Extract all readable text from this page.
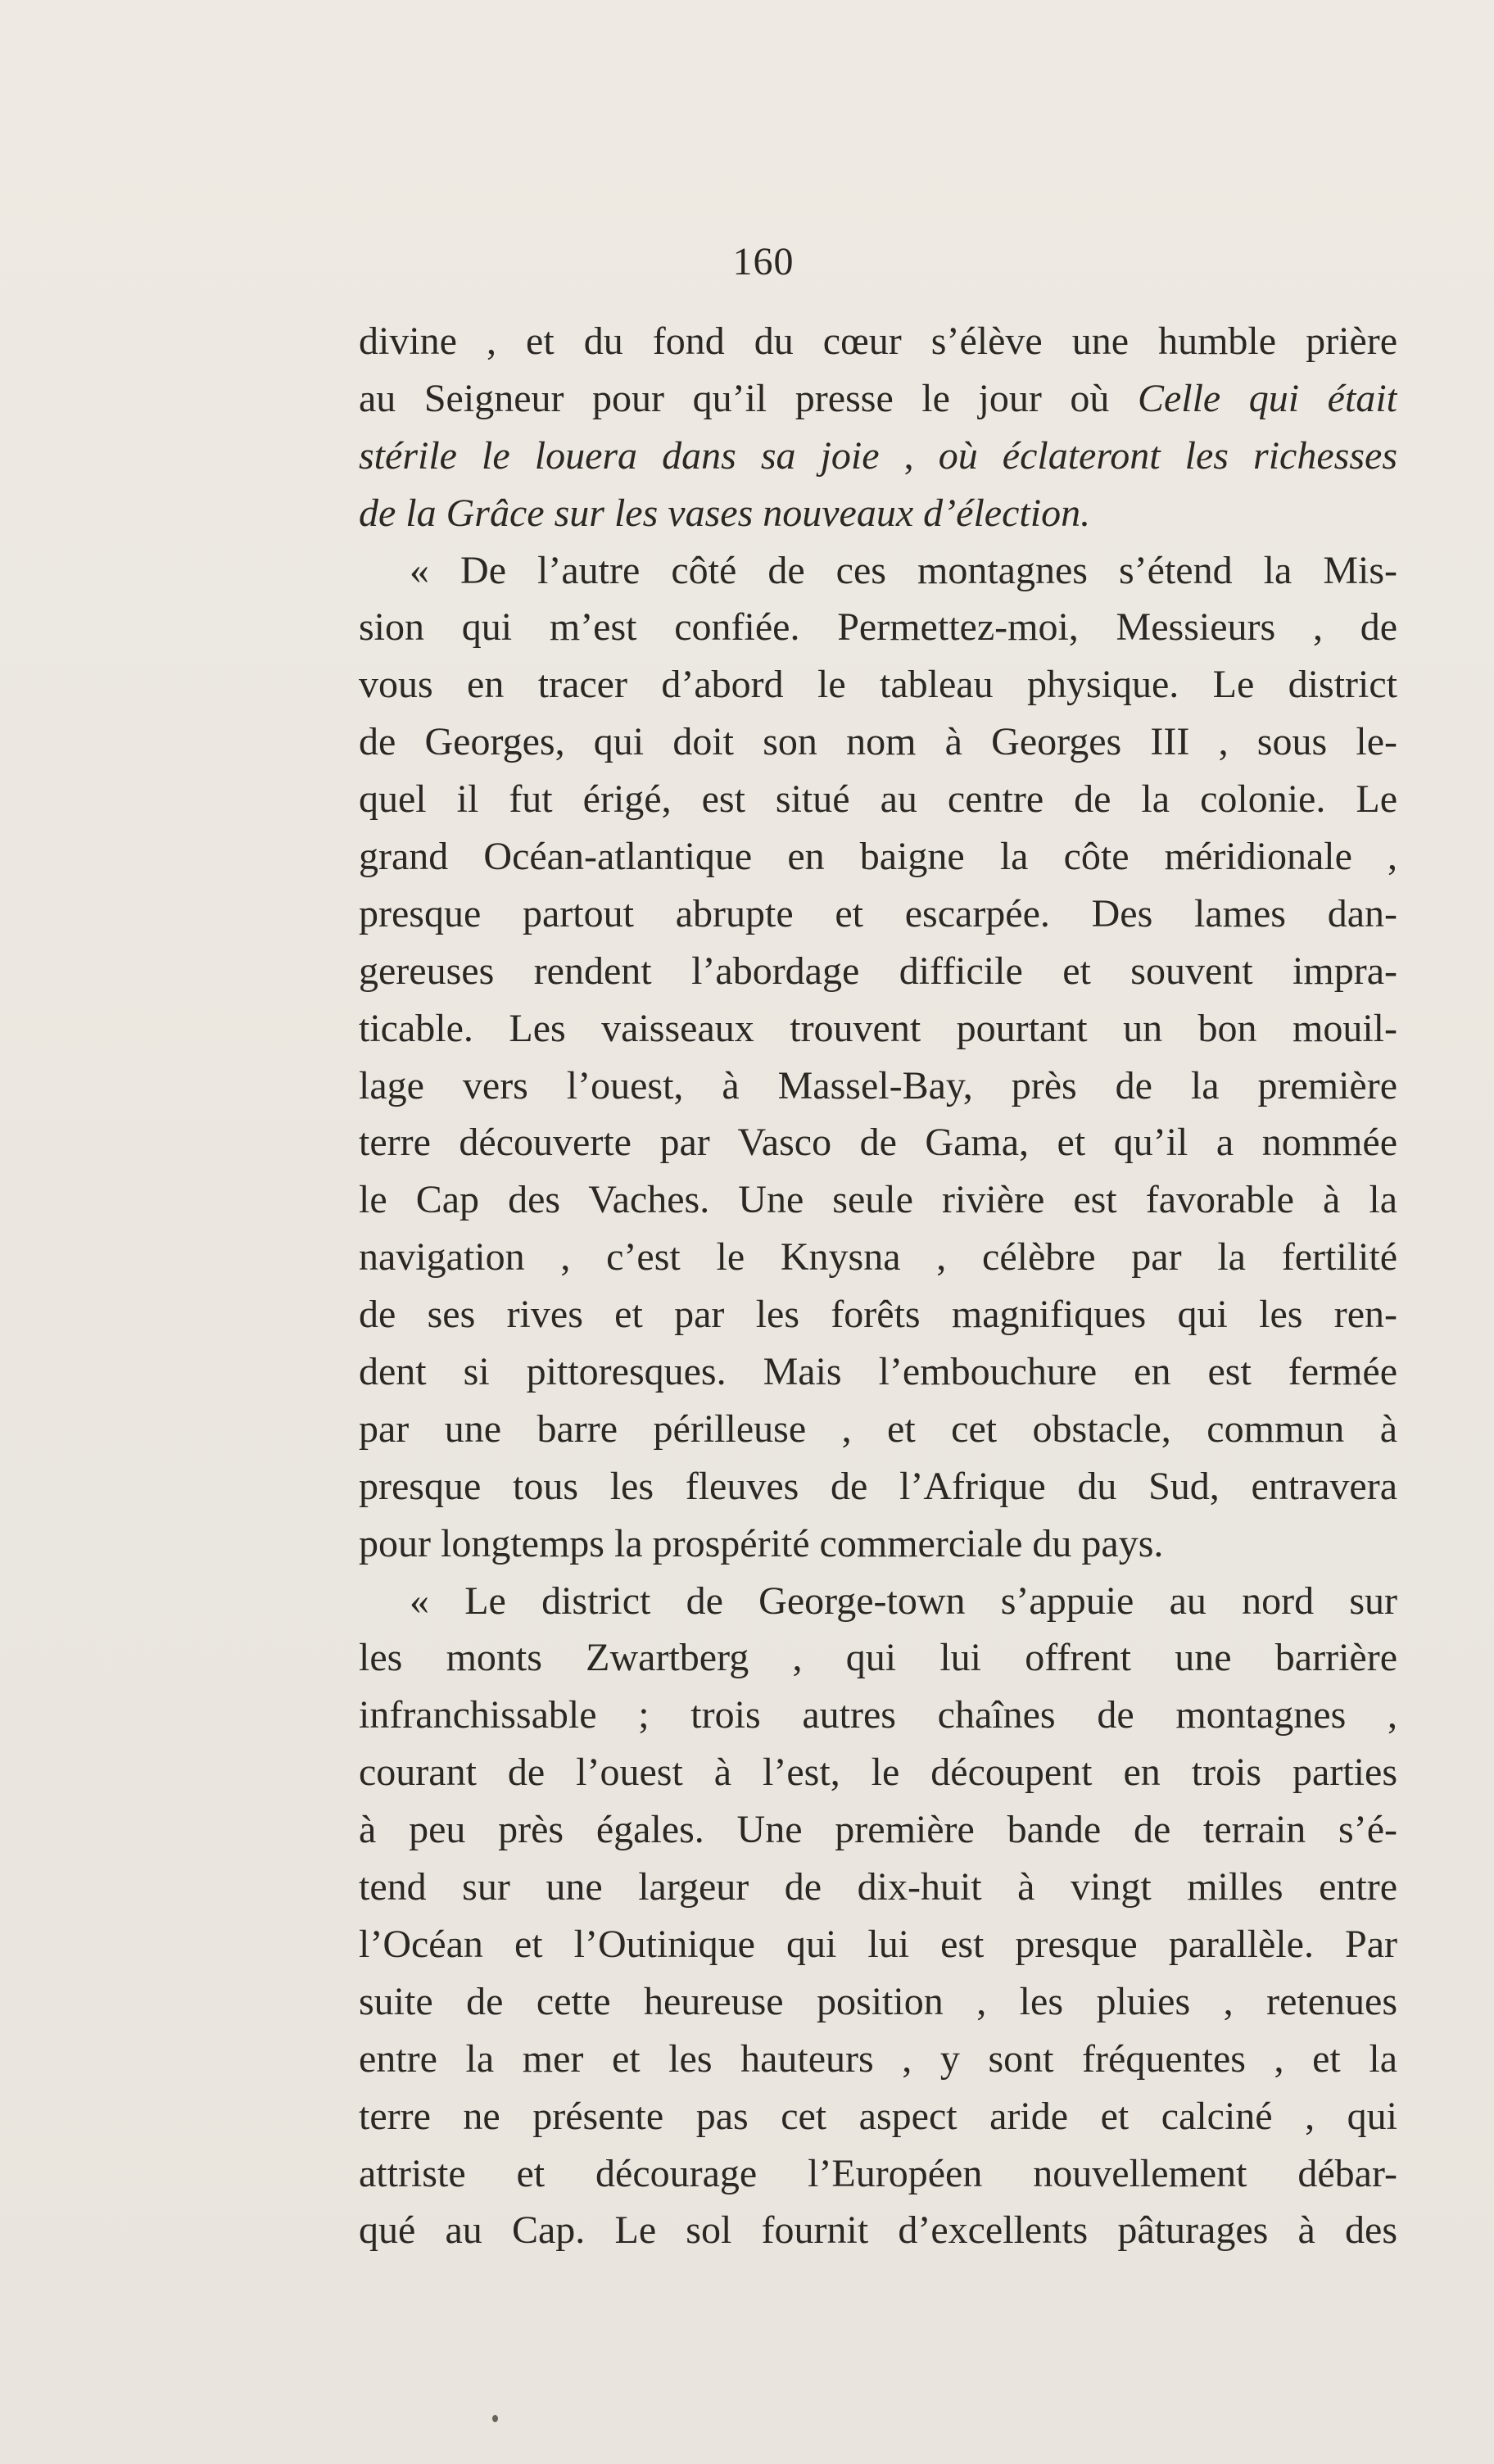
160
divine , et du fond du cœur s’élève une humble prière
au Seigneur pour qu’il presse le jour où Celle qui était
stérile le louera dans sa joie , où éclateront les richesses
de la Grâce sur les vases nouveaux d’élection.
« De l’autre côté de ces montagnes s’étend la Mis-
sion qui m’est confiée. Permettez-moi, Messieurs , de
vous en tracer d’abord le tableau physique. Le district
de Georges, qui doit son nom à Georges III , sous le-
quel il fut érigé, est situé au centre de la colonie. Le
grand Océan-atlantique en baigne la côte méridionale ,
presque partout abrupte et escarpée. Des lames dan-
gereuses rendent l’abordage difficile et souvent impra-
ticable. Les vaisseaux trouvent pourtant un bon mouil-
lage vers l’ouest, à Massel-Bay, près de la première
terre découverte par Vasco de Gama, et qu’il a nommée
le Cap des Vaches. Une seule rivière est favorable à la
navigation , c’est le Knysna , célèbre par la fertilité
de ses rives et par les forêts magnifiques qui les ren-
dent si pittoresques. Mais l’embouchure en est fermée
par une barre périlleuse , et cet obstacle, commun à
presque tous les fleuves de l’Afrique du Sud, entravera
pour longtemps la prospérité commerciale du pays.
« Le district de George-town s’appuie au nord sur
les monts Zwartberg , qui lui offrent une barrière
infranchissable ; trois autres chaînes de montagnes ,
courant de l’ouest à l’est, le découpent en trois parties
à peu près égales. Une première bande de terrain s’é-
tend sur une largeur de dix-huit à vingt milles entre
l’Océan et l’Outinique qui lui est presque parallèle. Par
suite de cette heureuse position , les pluies , retenues
entre la mer et les hauteurs , y sont fréquentes , et la
terre ne présente pas cet aspect aride et calciné , qui
attriste et décourage l’Européen nouvellement débar-
qué au Cap. Le sol fournit d’excellents pâturages à des
